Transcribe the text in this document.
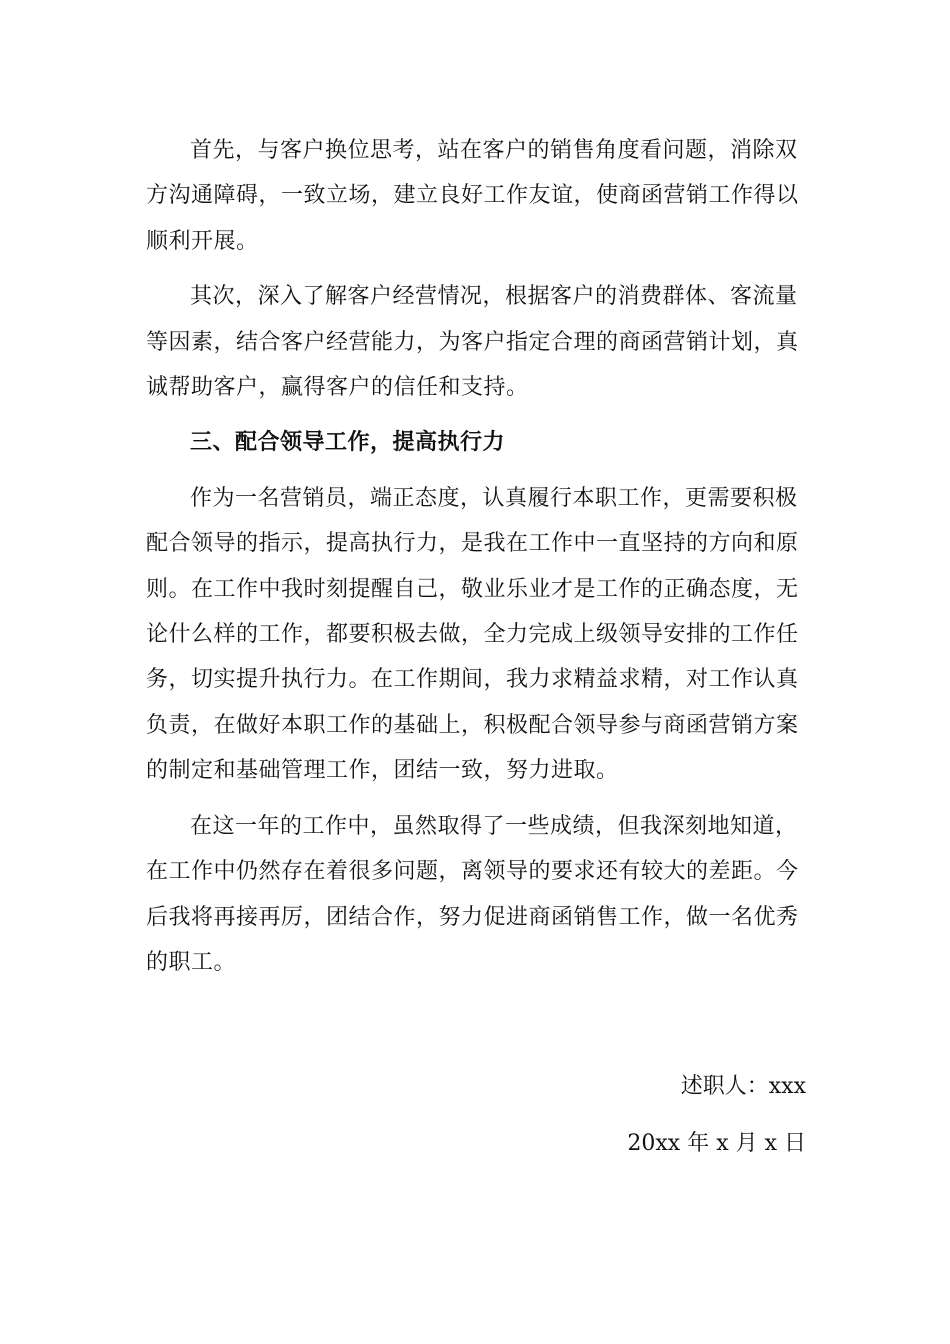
首先，与客户换位思考，站在客户的销售角度看问题，消除双
方沟通障碍，一致立场，建立良好工作友谊，使商函营销工作得以
顺利开展。

其次，深入了解客户经营情况，根据客户的消费群体、客流量
等因素，结合客户经营能力，为客户指定合理的商函营销计划，真
诚帮助客户，赢得客户的信任和支持。

三、配合领导工作，提高执行力

作为一名营销员，端正态度，认真履行本职工作，更需要积极
配合领导的指示，提高执行力，是我在工作中一直坚持的方向和原
则。在工作中我时刻提醒自己，敬业乐业才是工作的正确态度，无
论什么样的工作，都要积极去做，全力完成上级领导安排的工作任
务，切实提升执行力。在工作期间，我力求精益求精，对工作认真
负责，在做好本职工作的基础上，积极配合领导参与商函营销方案
的制定和基础管理工作，团结一致，努力进取。

在这一年的工作中，虽然取得了一些成绩，但我深刻地知道，
在工作中仍然存在着很多问题，离领导的要求还有较大的差距。今
后我将再接再厉，团结合作，努力促进商函销售工作，做一名优秀
的职工。

述职人：xxx
20xx 年 x 月 x 日
